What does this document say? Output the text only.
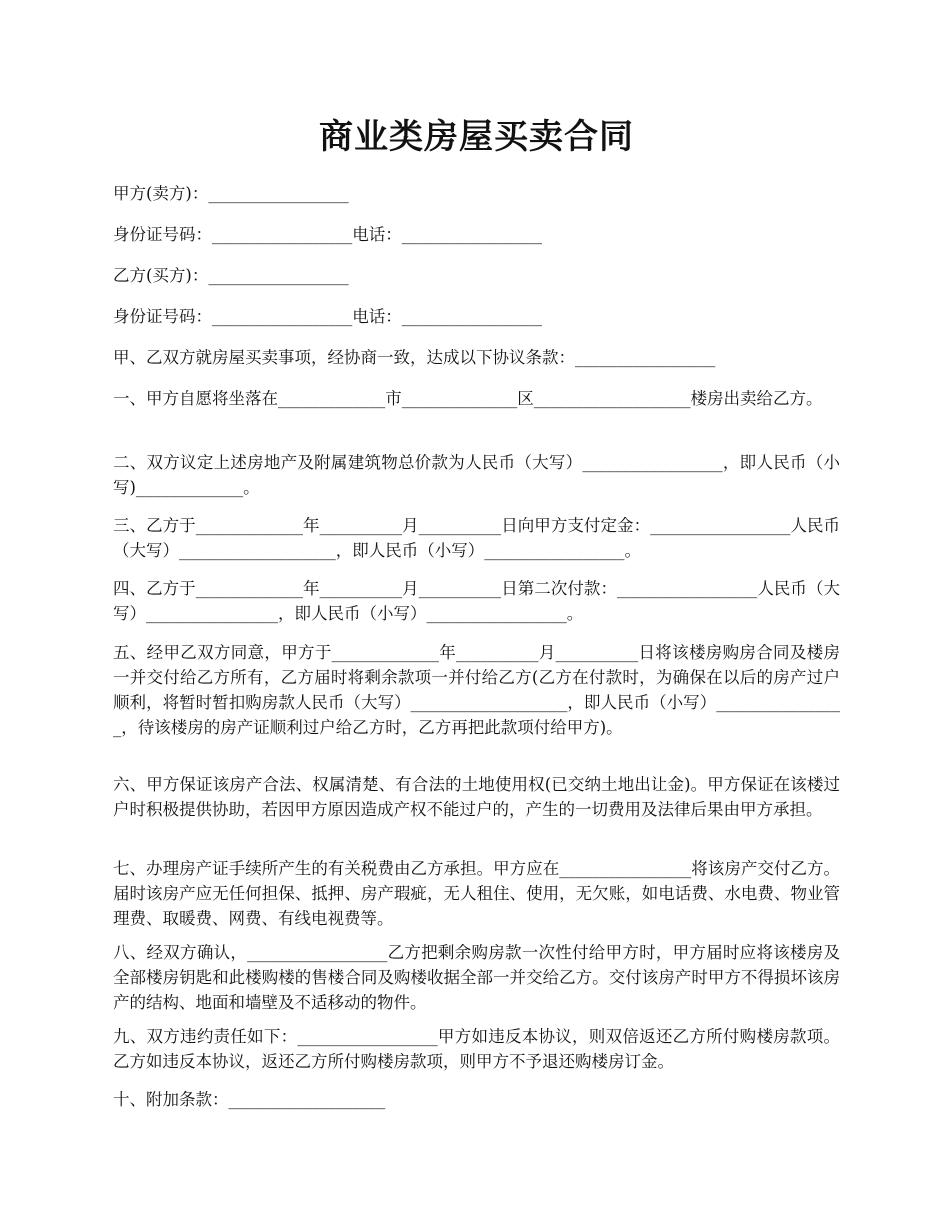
商业类房屋买卖合同

甲方(卖方)：_________________

身份证号码：_________________电话：_________________

乙方(买方)：_________________

身份证号码：_________________电话：_________________

甲、乙双方就房屋买卖事项，经协商一致，达成以下协议条款：_________________

一、甲方自愿将坐落在_____________市______________区___________________楼房出卖给乙方。

二、双方议定上述房地产及附属建筑物总价款为人民币（大写）_________________，即人民币（小写)_____________。

三、乙方于_____________年__________月__________日向甲方支付定金：_________________人民币（大写）___________________，即人民币（小写）_________________。

四、乙方于_____________年__________月__________日第二次付款：_________________人民币（大写）________________，即人民币（小写）_________________。

五、经甲乙双方同意，甲方于_____________年__________月__________日将该楼房购房合同及楼房一并交付给乙方所有，乙方届时将剩余款项一并付给乙方(乙方在付款时，为确保在以后的房产过户顺利，将暂时暂扣购房款人民币（大写）___________________，即人民币（小写）________________，待该楼房的房产证顺利过户给乙方时，乙方再把此款项付给甲方)。

六、甲方保证该房产合法、权属清楚、有合法的土地使用权(已交纳土地出让金)。甲方保证在该楼过户时积极提供协助，若因甲方原因造成产权不能过户的，产生的一切费用及法律后果由甲方承担。

七、办理房产证手续所产生的有关税费由乙方承担。甲方应在________________将该房产交付乙方。届时该房产应无任何担保、抵押、房产瑕疵，无人租住、使用，无欠账，如电话费、水电费、物业管理费、取暖费、网费、有线电视费等。

八、经双方确认，_________________乙方把剩余购房款一次性付给甲方时，甲方届时应将该楼房及全部楼房钥匙和此楼购楼的售楼合同及购楼收据全部一并交给乙方。交付该房产时甲方不得损坏该房产的结构、地面和墙壁及不适移动的物件。

九、双方违约责任如下：_________________甲方如违反本协议，则双倍返还乙方所付购楼房款项。乙方如违反本协议，返还乙方所付购楼房款项，则甲方不予退还购楼房订金。

十、附加条款：___________________
